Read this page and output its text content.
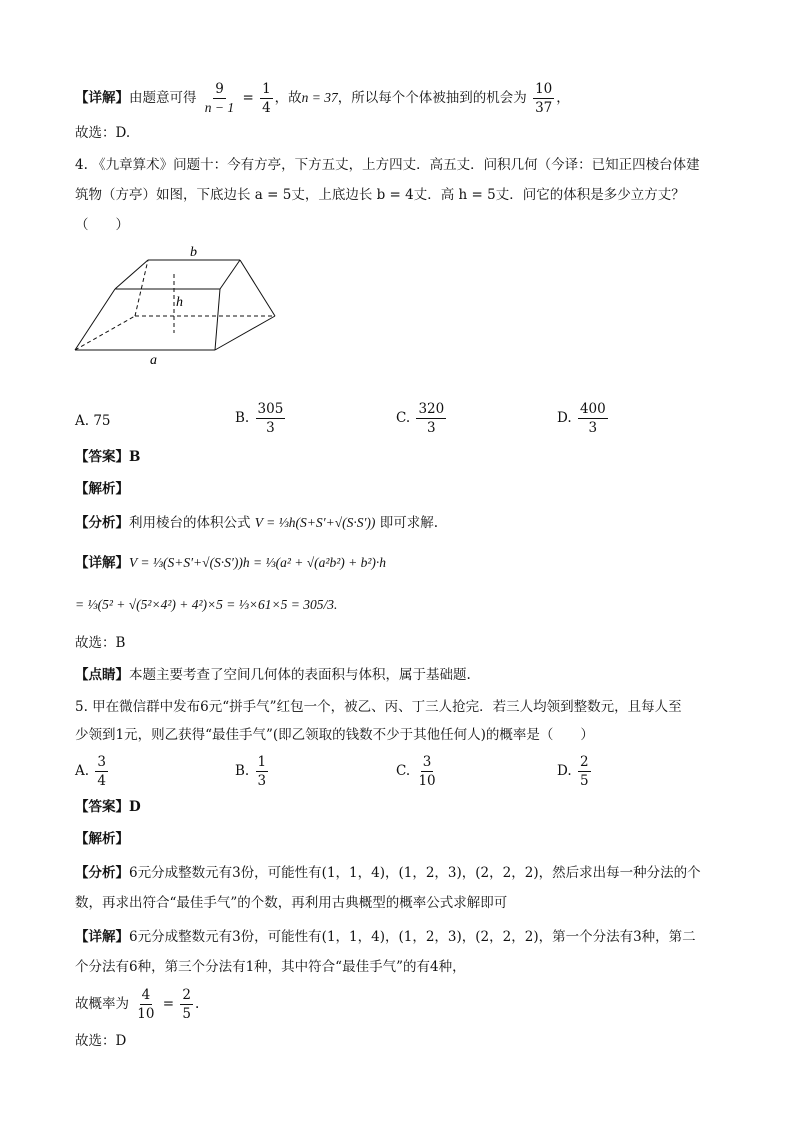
【详解】由题意可得 $\frac{9}{n - 1} = \frac{1}{4}$ ，故n = 37，所以每个个体被抽到的机会为 $\frac{10}{37}$ ，
故选：D.
4. 《九章算术》问题十：今有方亭，下方五丈，上方四丈．高五丈．问积几何（今译：已知正四棱台体建
筑物（方亭）如图，下底边长 a = 5丈，上底边长 b = 4丈．高 h = 5丈．问它的体积是多少立方丈？
（　　）
b
h
a
A. 75	B. $\frac{305}{3}$	C. $\frac{320}{3}$	D. $\frac{400}{3}$
【答案】B
【解析】
【分析】利用棱台的体积公式 V = ⅓h(S+S′+√(S·S′)) 即可求解.
【详解】V = ⅓(S+S′+√(S·S′))h = ⅓(a² + √(a²b²) + b²)·h
= ⅓(5² + √(5²×4²) + 4²)×5 = ⅓×61×5 = 305/3.
故选：B
【点睛】本题主要考查了空间几何体的表面积与体积，属于基础题.
5. 甲在微信群中发布6元“拼手气”红包一个，被乙、丙、丁三人抢完．若三人均领到整数元，且每人至
少领到1元，则乙获得“最佳手气”(即乙领取的钱数不少于其他任何人)的概率是（　　）
A. $\frac{3}{4}$	B. $\frac{1}{3}$	C. $\frac{3}{10}$	D. $\frac{2}{5}$
【答案】D
【解析】
【分析】6元分成整数元有3份，可能性有(1，1，4)，(1，2，3)，(2，2，2)，然后求出每一种分法的个
数，再求出符合“最佳手气”的个数，再利用古典概型的概率公式求解即可
【详解】6元分成整数元有3份，可能性有(1，1，4)，(1，2，3)，(2，2，2)，第一个分法有3种，第二
个分法有6种，第三个分法有1种，其中符合“最佳手气”的有4种，
故概率为 $\frac{4}{10} = \frac{2}{5}$ .
故选：D
